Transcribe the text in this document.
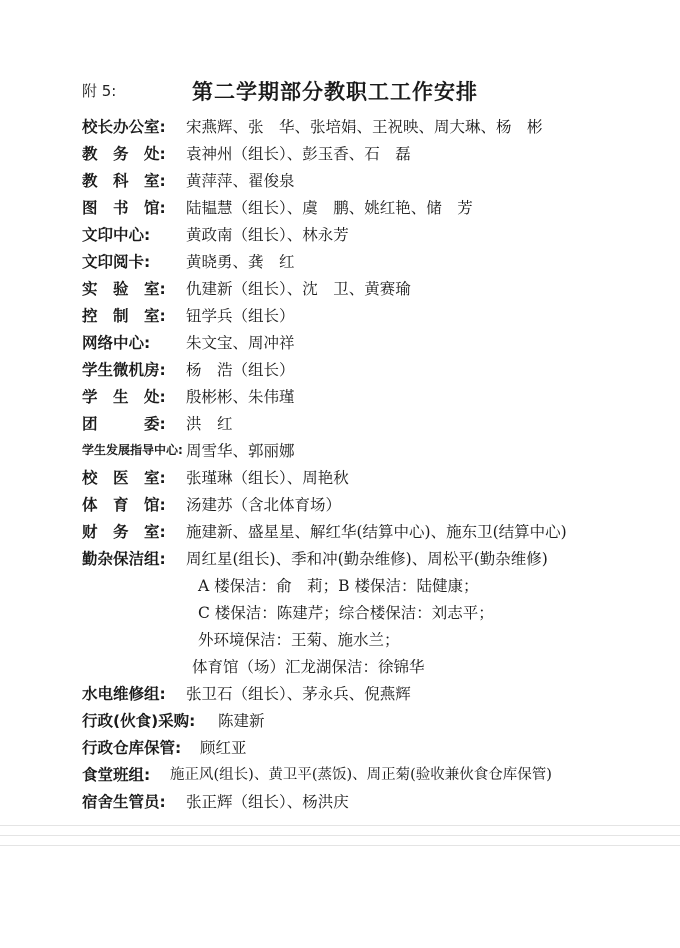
附 5:	第二学期部分教职工工作安排
校长办公室:	宋燕辉、张　华、张培娟、王祝映、周大琳、杨　彬
教　务　处:	袁神州（组长）、彭玉香、石　磊
教　科　室:	黄萍萍、翟俊泉
图　书　馆:	陆韫慧（组长）、虞　鹏、姚红艳、储　芳
文印中心:	黄政南（组长）、林永芳
文印阅卡:	黄晓勇、龚　红
实　验　室:	仇建新（组长）、沈　卫、黄赛瑜
控　制　室:	钮学兵（组长）
网络中心:	朱文宝、周冲祥
学生微机房:	杨　浩（组长）
学　生　处:	殷彬彬、朱伟瑾
团　　　委:	洪　红
学生发展指导中心: 周雪华、郭丽娜
校　医　室:	张瑾琳（组长）、周艳秋
体　育　馆:	汤建苏（含北体育场）
财　务　室:	施建新、盛星星、解红华(结算中心)、施东卫(结算中心)
勤杂保洁组:	周红星(组长)、季和冲(勤杂维修)、周松平(勤杂维修)
A 楼保洁：俞　莉；B 楼保洁：陆健康；
C 楼保洁：陈建芹；综合楼保洁：刘志平；
外环境保洁：王菊、施水兰；
体育馆（场）汇龙湖保洁：徐锦华
水电维修组:	张卫石（组长）、茅永兵、倪燕辉
行政(伙食)采购:	陈建新
行政仓库保管:	顾红亚
食堂班组:	施正风(组长)、黄卫平(蒸饭)、周正菊(验收兼伙食仓库保管)
宿舍生管员:	张正辉（组长）、杨洪庆
